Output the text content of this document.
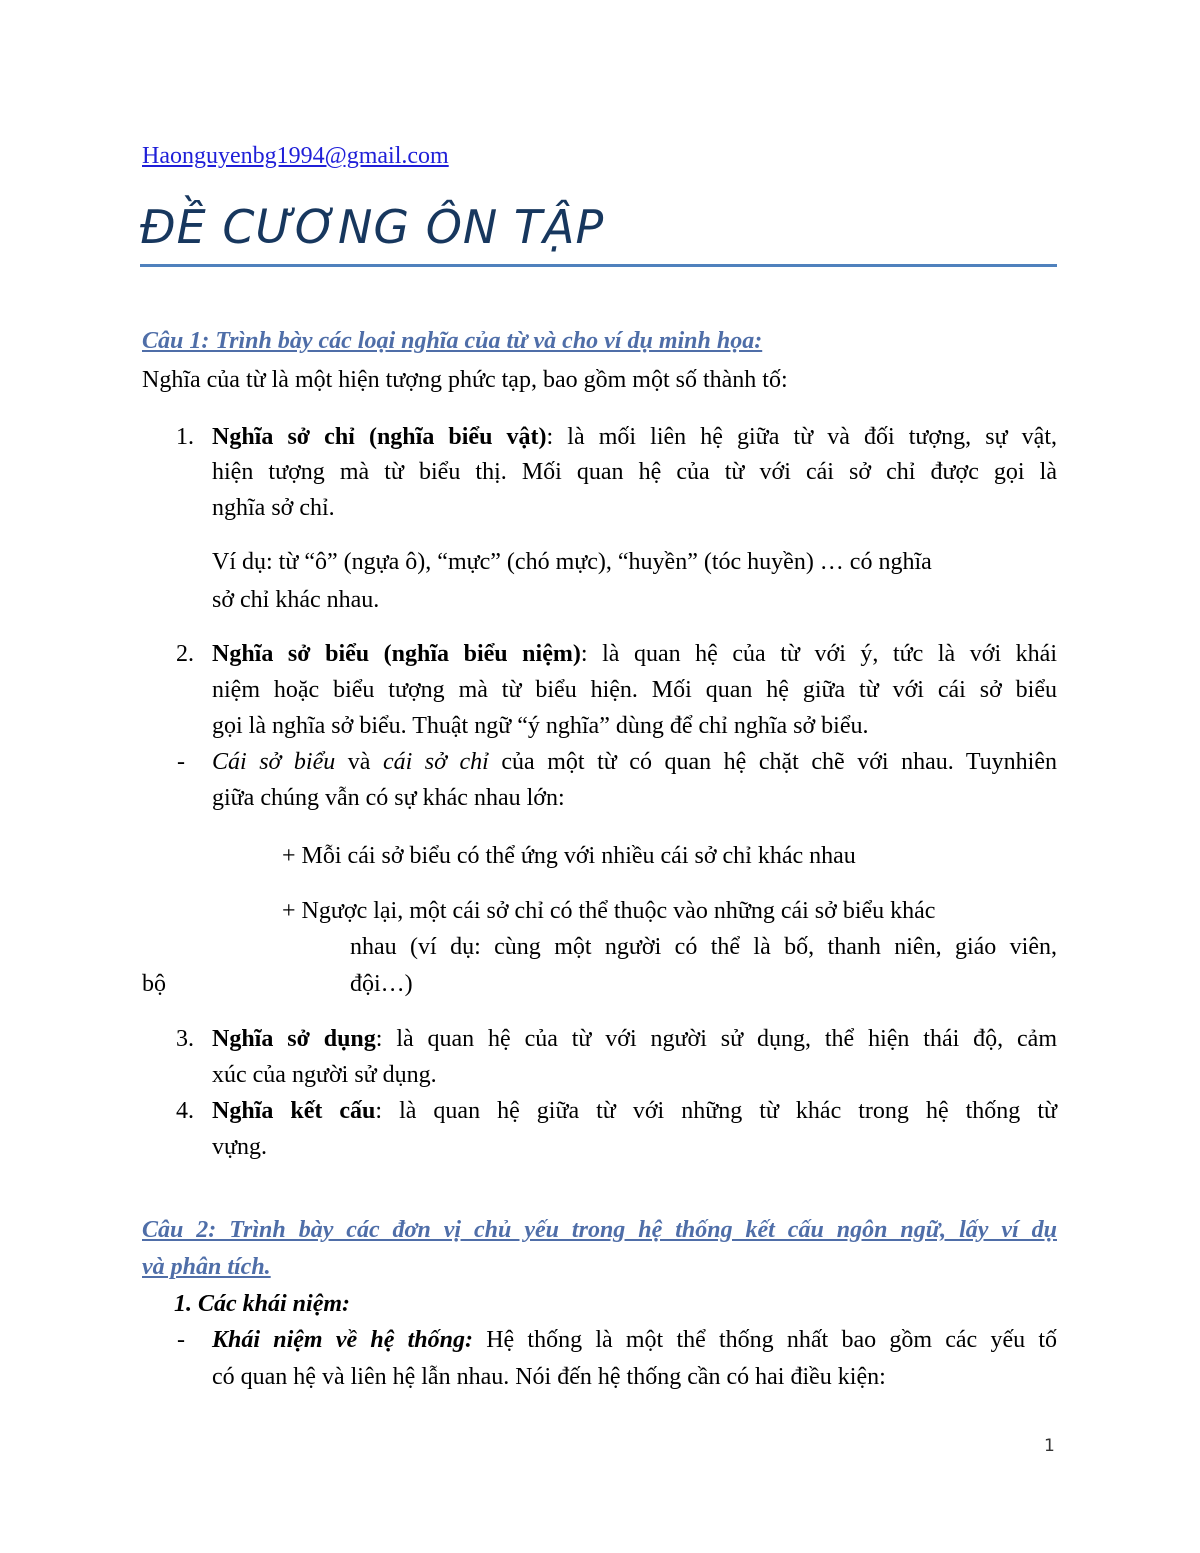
Haonguyenbg1994@gmail.com
ĐỀ CƯƠNG ÔN TẬP
Câu 1: Trình bày các loại nghĩa của từ và cho ví dụ minh họa:
Nghĩa của từ là một hiện tượng phức tạp, bao gồm một số thành tố:
1. Nghĩa sở chỉ (nghĩa biểu vật): là mối liên hệ giữa từ và đối tượng, sự vật,
hiện tượng mà từ biểu thị. Mối quan hệ của từ với cái sở chỉ được gọi là
nghĩa sở chỉ.
Ví dụ: từ “ô” (ngựa ô), “mực” (chó mực), “huyền” (tóc huyền) … có nghĩa
sở chỉ khác nhau.
2. Nghĩa sở biểu (nghĩa biểu niệm): là quan hệ của từ với ý, tức là với khái
niệm hoặc biểu tượng mà từ biểu hiện. Mối quan hệ giữa từ với cái sở biểu
gọi là nghĩa sở biểu. Thuật ngữ “ý nghĩa” dùng để chỉ nghĩa sở biểu.
- Cái sở biểu và cái sở chỉ của một từ có quan hệ chặt chẽ với nhau. Tuynhiên
giữa chúng vẫn có sự khác nhau lớn:
+ Mỗi cái sở biểu có thể ứng với nhiều cái sở chỉ khác nhau
+ Ngược lại, một cái sở chỉ có thể thuộc vào những cái sở biểu khác
nhau (ví dụ: cùng một người có thể là bố, thanh niên, giáo viên,
bộ	đội…)
3. Nghĩa sở dụng: là quan hệ của từ với người sử dụng, thể hiện thái độ, cảm
xúc của người sử dụng.
4. Nghĩa kết cấu: là quan hệ giữa từ với những từ khác trong hệ thống từ
vựng.
Câu 2: Trình bày các đơn vị chủ yếu trong hệ thống kết cấu ngôn ngữ, lấy ví dụ
và phân tích.
1. Các khái niệm:
- Khái niệm về hệ thống: Hệ thống là một thể thống nhất bao gồm các yếu tố
có quan hệ và liên hệ lẫn nhau. Nói đến hệ thống cần có hai điều kiện:
1
